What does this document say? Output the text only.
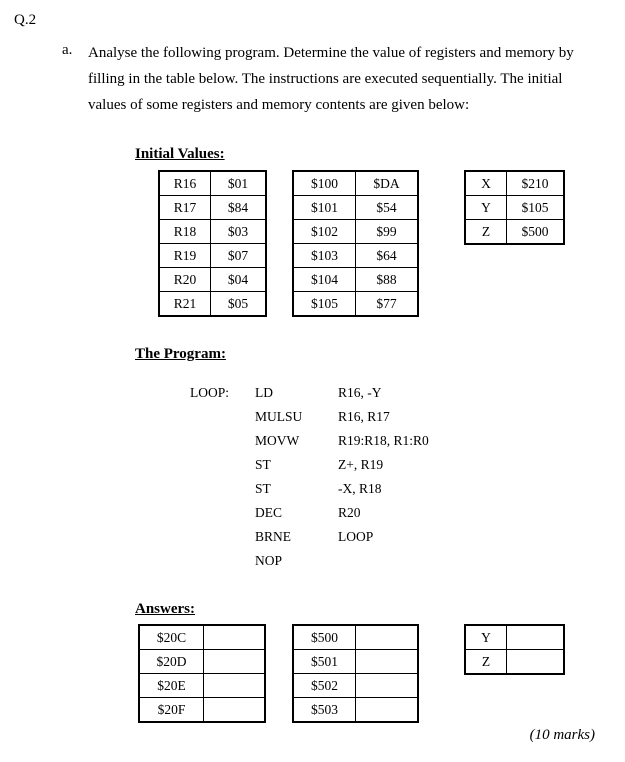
Q.2
a. Analyse the following program. Determine the value of registers and memory by filling in the table below. The instructions are executed sequentially. The initial values of some registers and memory contents are given below:
Initial Values:
R16	$01
R17	$84
R18	$03
R19	$07
R20	$04
R21	$05
$100	$DA
$101	$54
$102	$99
$103	$64
$104	$88
$105	$77
X	$210
Y	$105
Z	$500
The Program:
LOOP: LD	R16, -Y
MULSU	R16, R17
MOVW	R19:R18, R1:R0
ST	Z+, R19
ST	-X, R18
DEC	R20
BRNE	LOOP
NOP
Answers:
$20C	
$20D	
$20E	
$20F	
$500	
$501	
$502	
$503	
Y	
Z	
(10 marks)
